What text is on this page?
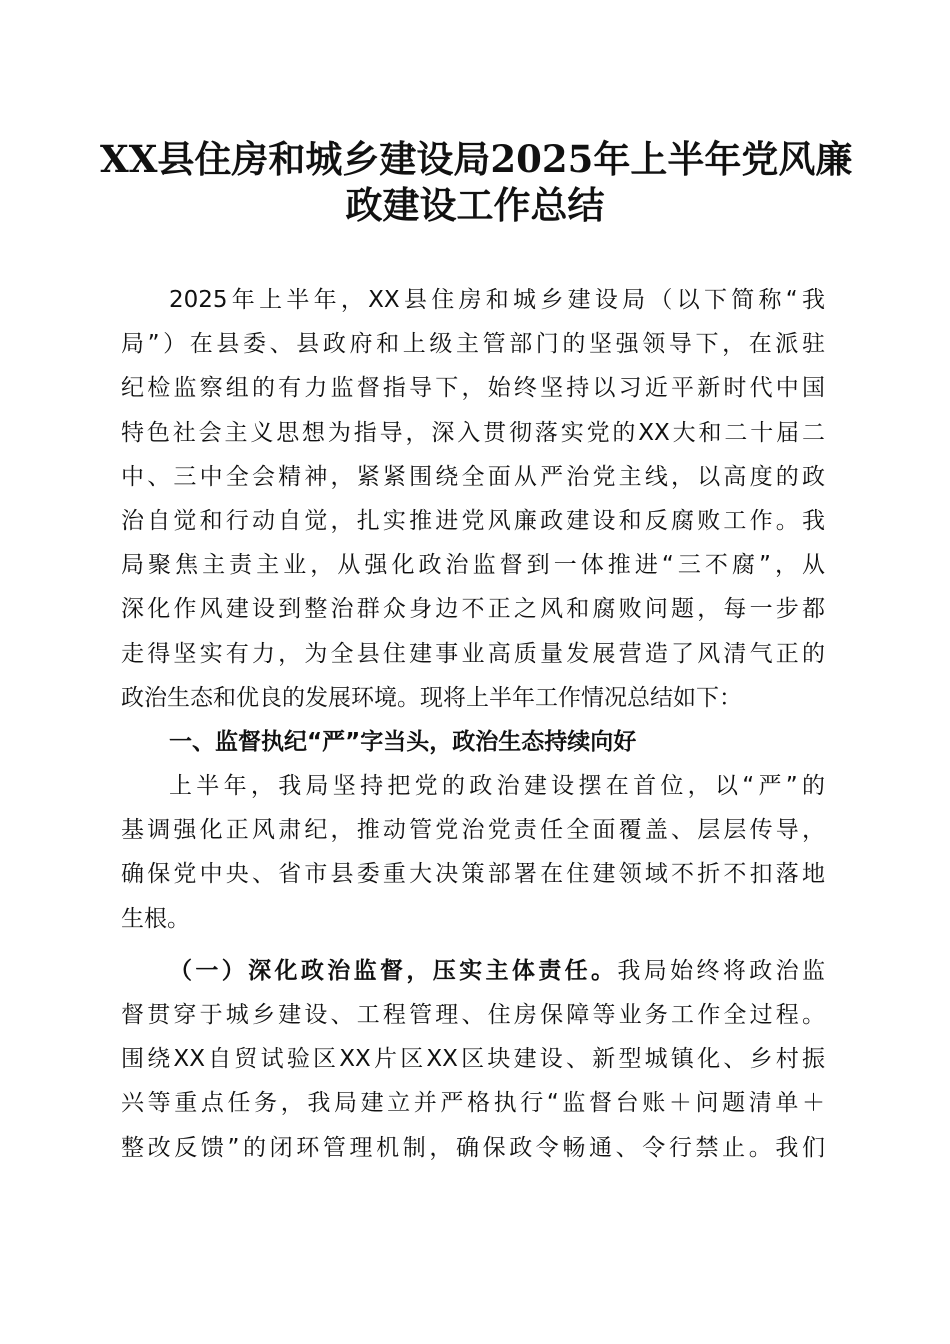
XX县住房和城乡建设局2025年上半年党风廉
政建设工作总结
2025年上半年，XX县住房和城乡建设局（以下简称“我
局”）在县委、县政府和上级主管部门的坚强领导下，在派驻
纪检监察组的有力监督指导下，始终坚持以习近平新时代中国
特色社会主义思想为指导，深入贯彻落实党的XX大和二十届二
中、三中全会精神，紧紧围绕全面从严治党主线，以高度的政
治自觉和行动自觉，扎实推进党风廉政建设和反腐败工作。我
局聚焦主责主业，从强化政治监督到一体推进“三不腐”，从
深化作风建设到整治群众身边不正之风和腐败问题，每一步都
走得坚实有力，为全县住建事业高质量发展营造了风清气正的
政治生态和优良的发展环境。现将上半年工作情况总结如下：
一、监督执纪“严”字当头，政治生态持续向好
上半年，我局坚持把党的政治建设摆在首位，以“严”的
基调强化正风肃纪，推动管党治党责任全面覆盖、层层传导，
确保党中央、省市县委重大决策部署在住建领域不折不扣落地
生根。
（一）深化政治监督，压实主体责任。我局始终将政治监
督贯穿于城乡建设、工程管理、住房保障等业务工作全过程。
围绕XX自贸试验区XX片区XX区块建设、新型城镇化、乡村振
兴等重点任务，我局建立并严格执行“监督台账＋问题清单＋
整改反馈”的闭环管理机制，确保政令畅通、令行禁止。我们
